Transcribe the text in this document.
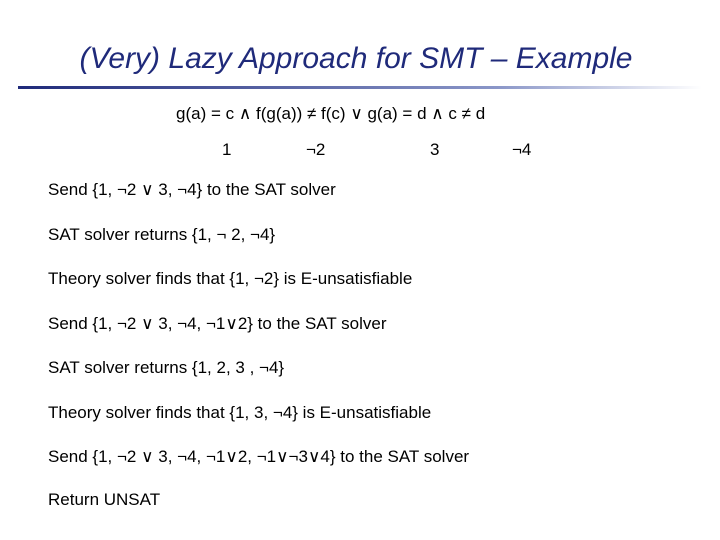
(Very) Lazy Approach for SMT – Example
g(a) = c ∧ f(g(a)) ≠ f(c) ∨ g(a) = d ∧ c ≠ d
1	¬2	3	¬4
Send {1, ¬2 ∨ 3, ¬4} to the SAT solver
SAT solver returns {1, ¬ 2, ¬4}
Theory solver finds that {1, ¬2} is E-unsatisfiable
Send {1, ¬2 ∨ 3, ¬4, ¬1∨2} to the SAT solver
SAT solver returns {1, 2, 3 , ¬4}
Theory solver finds that {1, 3, ¬4} is E-unsatisfiable
Send {1, ¬2 ∨ 3, ¬4, ¬1∨2, ¬1∨¬3∨4} to the SAT solver
Return UNSAT
